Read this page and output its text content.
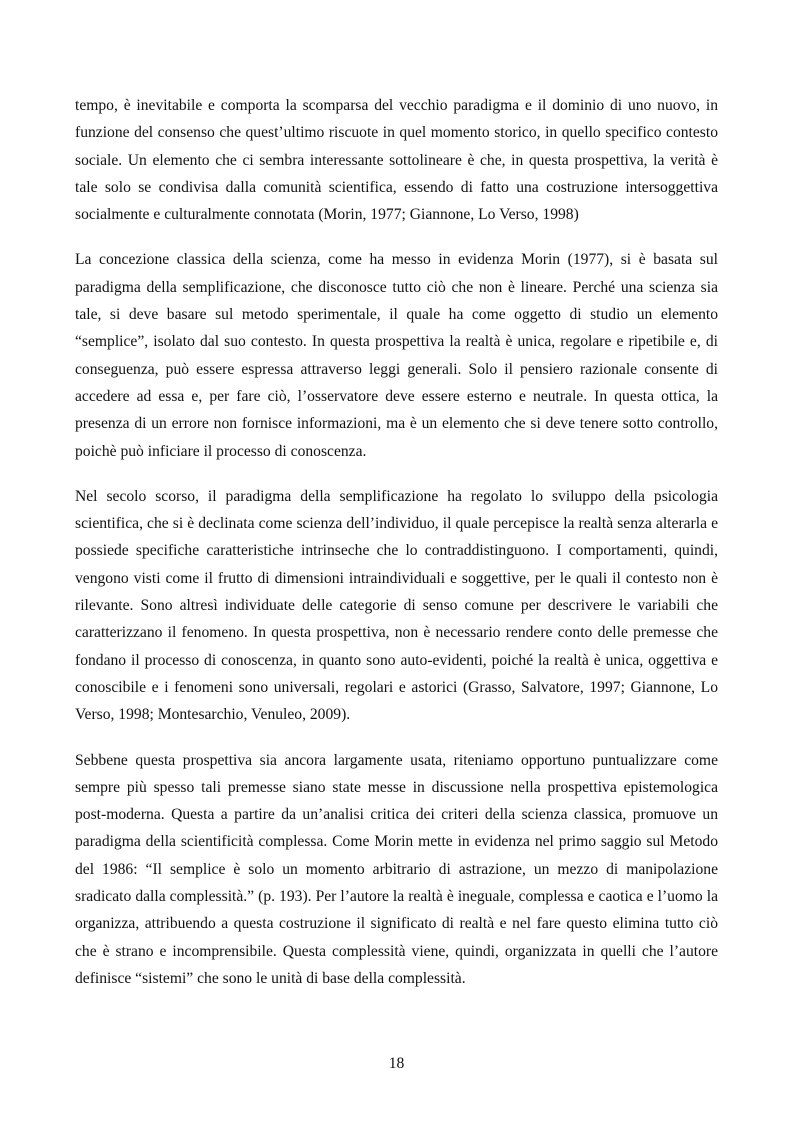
tempo, è inevitabile e comporta la scomparsa del vecchio paradigma e il dominio di uno nuovo, in funzione del consenso che quest’ultimo riscuote in quel momento storico, in quello specifico contesto sociale. Un elemento che ci sembra interessante sottolineare è che, in questa prospettiva, la verità è tale solo se condivisa dalla comunità scientifica, essendo di fatto una costruzione intersoggettiva socialmente e culturalmente connotata (Morin, 1977; Giannone, Lo Verso, 1998)

La concezione classica della scienza, come ha messo in evidenza Morin (1977), si è basata sul paradigma della semplificazione, che disconosce tutto ciò che non è lineare. Perché una scienza sia tale, si deve basare sul metodo sperimentale, il quale ha come oggetto di studio un elemento “semplice”, isolato dal suo contesto. In questa prospettiva la realtà è unica, regolare e ripetibile e, di conseguenza, può essere espressa attraverso leggi generali. Solo il pensiero razionale consente di accedere ad essa e, per fare ciò, l’osservatore deve essere esterno e neutrale. In questa ottica, la presenza di un errore non fornisce informazioni, ma è un elemento che si deve tenere sotto controllo, poichè può inficiare il processo di conoscenza.

Nel secolo scorso, il paradigma della semplificazione ha regolato lo sviluppo della psicologia scientifica, che si è declinata come scienza dell’individuo, il quale percepisce la realtà senza alterarla e possiede specifiche caratteristiche intrinseche che lo contraddistinguono. I comportamenti, quindi, vengono visti come il frutto di dimensioni intraindividuali e soggettive, per le quali il contesto non è rilevante. Sono altresì individuate delle categorie di senso comune per descrivere le variabili che caratterizzano il fenomeno. In questa prospettiva, non è necessario rendere conto delle premesse che fondano il processo di conoscenza, in quanto sono auto-evidenti, poiché la realtà è unica, oggettiva e conoscibile e i fenomeni sono universali, regolari e astorici (Grasso, Salvatore, 1997; Giannone, Lo Verso, 1998; Montesarchio, Venuleo, 2009).

Sebbene questa prospettiva sia ancora largamente usata, riteniamo opportuno puntualizzare come sempre più spesso tali premesse siano state messe in discussione nella prospettiva epistemologica post-moderna. Questa a partire da un’analisi critica dei criteri della scienza classica, promuove un paradigma della scientificità complessa. Come Morin mette in evidenza nel primo saggio sul Metodo del 1986: “Il semplice è solo un momento arbitrario di astrazione, un mezzo di manipolazione sradicato dalla complessità.” (p. 193). Per l’autore la realtà è ineguale, complessa e caotica e l’uomo la organizza, attribuendo a questa costruzione il significato di realtà e nel fare questo elimina tutto ciò che è strano e incomprensibile. Questa complessità viene, quindi, organizzata in quelli che l’autore definisce “sistemi” che sono le unità di base della complessità.

18
